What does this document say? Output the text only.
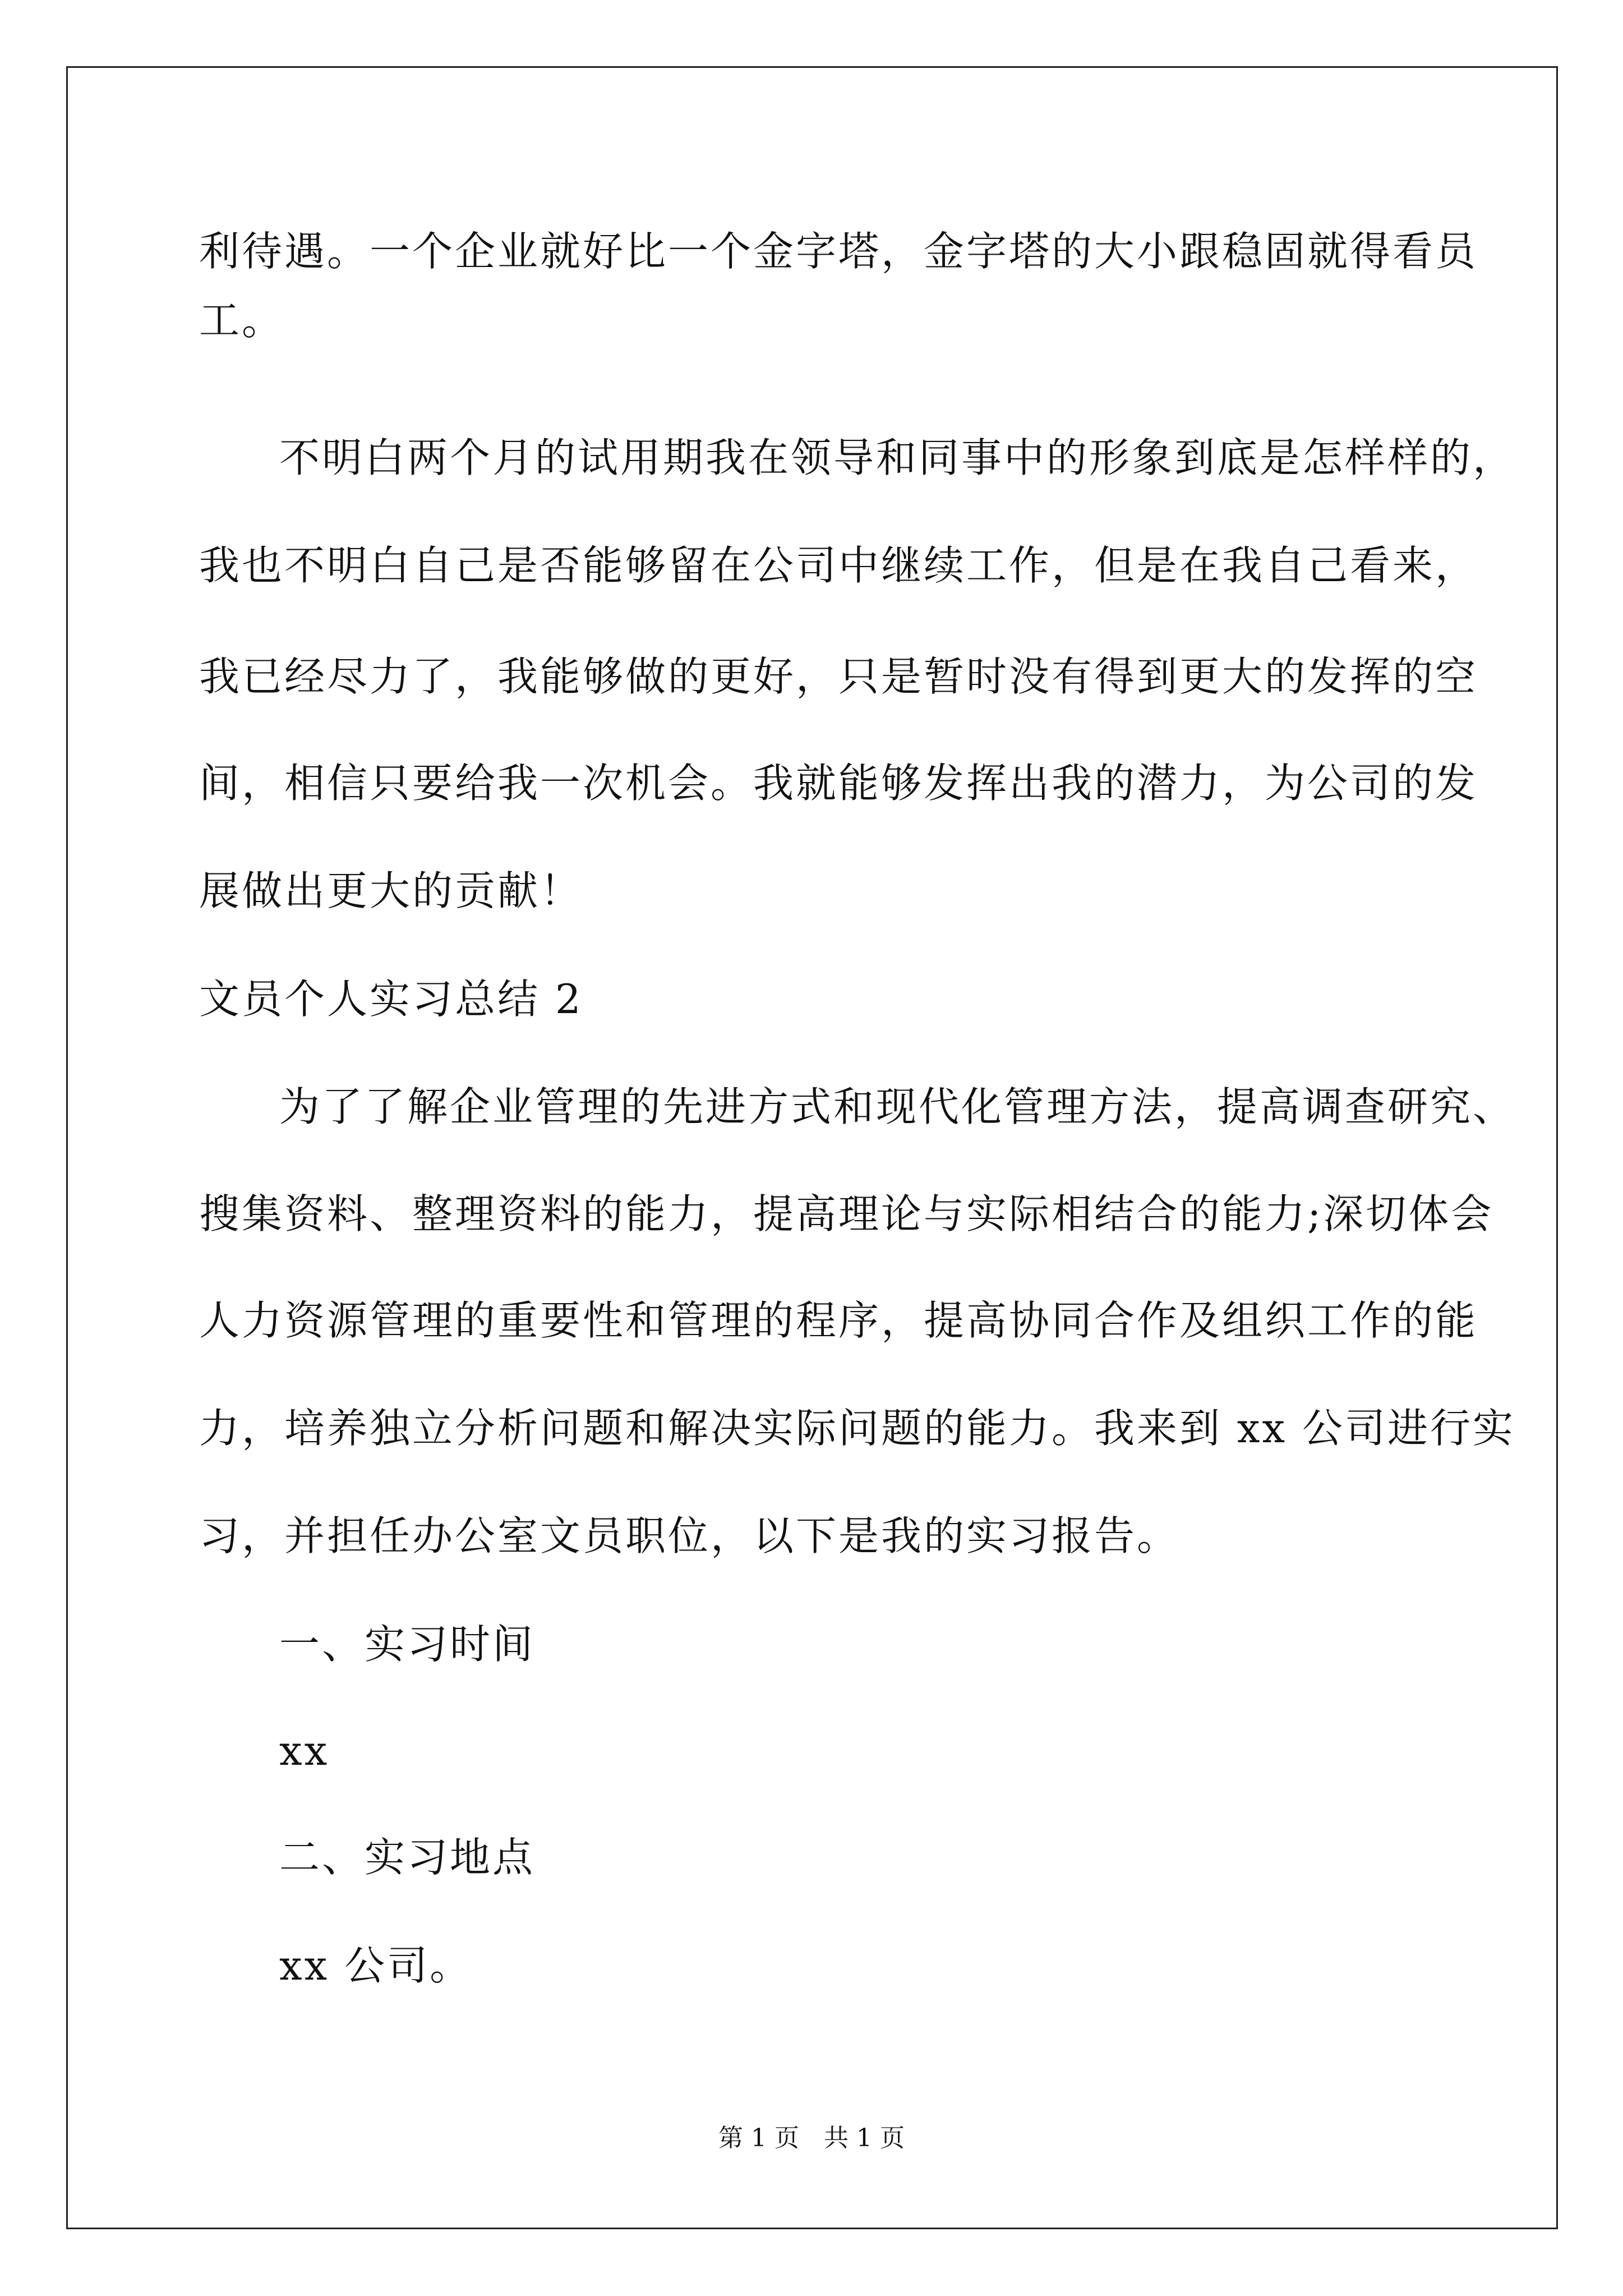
利待遇。一个企业就好比一个金字塔，金字塔的大小跟稳固就得看员
工。
不明白两个月的试用期我在领导和同事中的形象到底是怎样样的，
我也不明白自己是否能够留在公司中继续工作，但是在我自己看来，
我已经尽力了，我能够做的更好，只是暂时没有得到更大的发挥的空
间，相信只要给我一次机会。我就能够发挥出我的潜力，为公司的发
展做出更大的贡献！
文员个人实习总结 2
为了了解企业管理的先进方式和现代化管理方法，提高调查研究、
搜集资料、整理资料的能力，提高理论与实际相结合的能力;深切体会
人力资源管理的重要性和管理的程序，提高协同合作及组织工作的能
力，培养独立分析问题和解决实际问题的能力。我来到 xx 公司进行实
习，并担任办公室文员职位，以下是我的实习报告。
一、实习时间
xx
二、实习地点
xx 公司。
第 1 页　共 1 页
